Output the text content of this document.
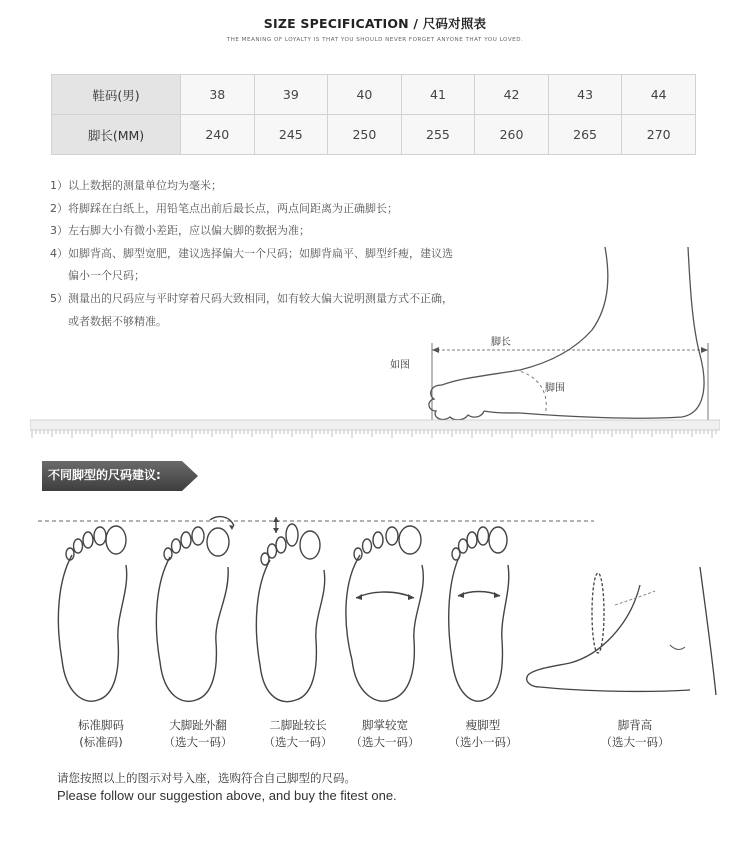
SIZE SPECIFICATION / 尺码对照表
THE MEANING OF LOYALTY IS THAT YOU SHOULD NEVER FORGET ANYONE THAT YOU LOVED.
鞋码(男)	38	39	40	41	42	43	44
脚长(MM)	240	245	250	255	260	265	270
1）以上数据的测量单位均为毫米；
2）将脚踩在白纸上，用铅笔点出前后最长点，两点间距离为正确脚长；
3）左右脚大小有微小差距，应以偏大脚的数据为准；
4）如脚背高、脚型宽肥，建议选择偏大一个尺码；如脚背扁平、脚型纤瘦，建议选
偏小一个尺码；
5）测量出的尺码应与平时穿着尺码大致相同，如有较大偏大说明测量方式不正确，
或者数据不够精准。
脚长
如图
脚围
不同脚型的尺码建议:
标准脚码
(标准码)
大脚趾外翻
（选大一码）
二脚趾较长
（选大一码）
脚掌较宽
（选大一码）
瘦脚型
（选小一码）
脚背高
（选大一码）
请您按照以上的图示对号入座，选购符合自己脚型的尺码。
Please follow our suggestion above, and buy the fitest one.
